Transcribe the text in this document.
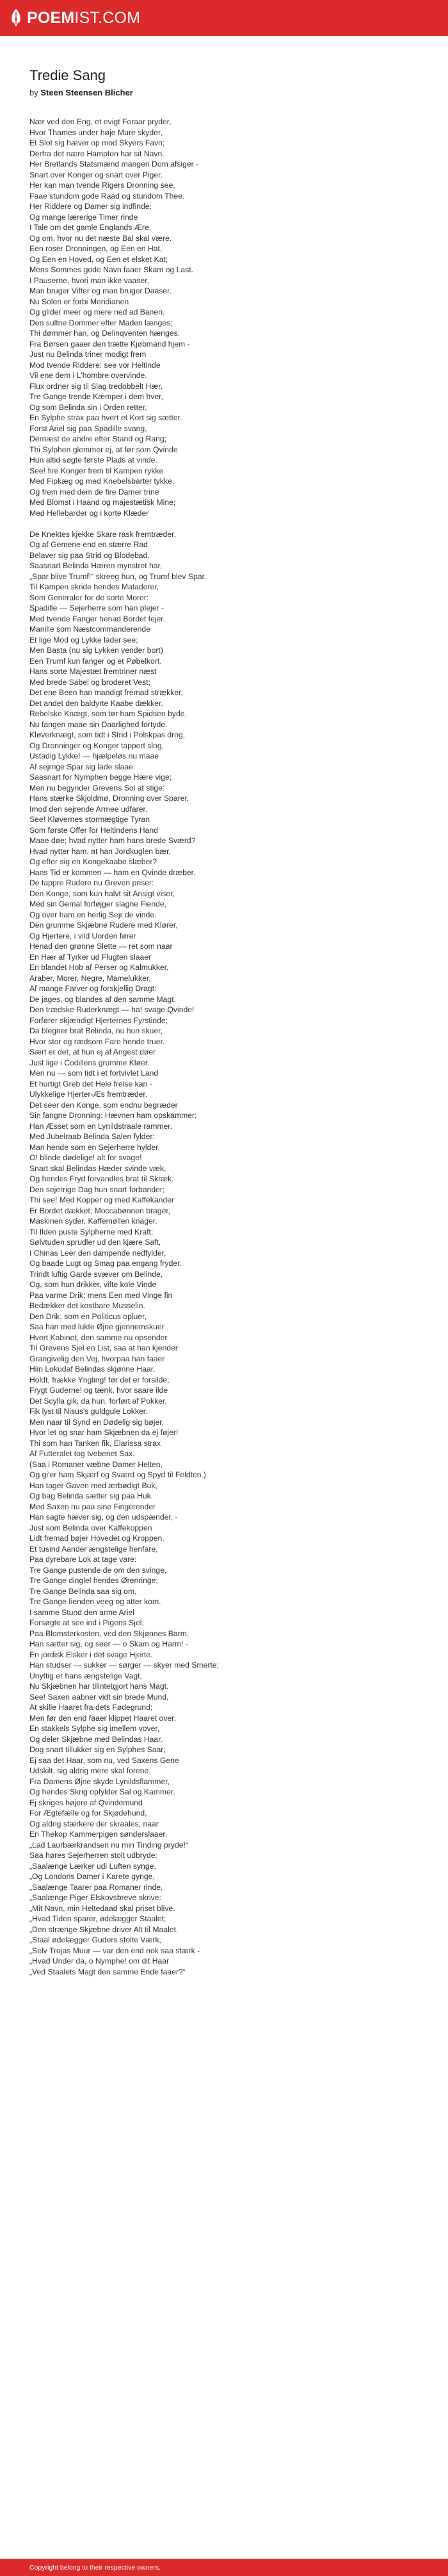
POEMIST.COM
Tredie Sang
by Steen Steensen Blicher
Nær ved den Eng, et evigt Foraar pryder,
Hvor Thames under høje Mure skyder,
Et Slot sig hæver op mod Skyers Favn;
Derfra det nære Hampton har sit Navn.
Her Bretlands Statsmænd mangen Dom afsiger -
Snart over Konger og snart over Piger.
Her kan man tvende Rigers Dronning see,
Faae stundom gode Raad og stundom Thee.
Her Riddere og Damer sig indfinde;
Og mange lærerige Timer rinde
I Tale om det gamle Englands Ære,
Og om, hvor nu det næste Bal skal være.
Een roser Dronningen, og Een en Hat,
Og Een en Hoved, og Een et elsket Kat;
Mens Sommes gode Navn faaer Skam og Last.
I Pauserne, hvori man ikke vaaser,
Man bruger Vifter og man bruger Daaser.
Nu Solen er forbi Meridianen
Og glider meer og mere ned ad Banen.
Den sultne Dommer efter Maden længes;
Thi dømmer han, og Delinqventen hænges.
Fra Børsen gaaer den trætte Kjøbmand hjem -
Just nu Belinda triner modigt frem
Mod tvende Riddere: see vor Heltinde
Vil ene dem i L'hombre overvinde.
Flux ordner sig til Slag tredobbelt Hær,
Tre Gange trende Kæmper i dem hver,
Og som Belinda sin i Orden retter,
En Sylphe strax paa hvert et Kort sig sætter.
Forst Ariel sig paa Spadille svang,
Dernæst de andre efter Stand og Rang;
Thi Sylphen glemmer ej, at før som Qvinde
Hun altid søgte første Plads at vinde.
See! fire Konger frem til Kampen rykke
Med Fipkæg og med Knebelsbarter tykke.
Og frem med dem de fire Damer trine
Med Blomst i Haand og majestætisk Mine;
Med Hellebarder og i korte Klæder
De Knektes kjekke Skare rask fremtræder,
Og af Gemene end en stærre Rad
Belaver sig paa Strid og Blodebad.
Saasnart Belinda Hæren mynstret har,
„Spar blive Trumf!“ skreeg hun, og Trumf blev Spar.
Til Kampen skride hendes Matadorer,
Som Generaler for de sorte Morer:
Spadille — Sejerherre som han plejer -
Med tvende Fanger henad Bordet fejer.
Manille som Næstcommanderende
Et lige Mod og Lykke lader see;
Men Basta (nu sig Lykken vender bort)
Een Trumf kun fanger og et Pøbelkort.
Hans sorte Majestæt fremtriner næst
Med brede Sabel og broderet Vest;
Det ene Been han mandigt fremad strækker,
Det andet den baldyrte Kaabe dækker.
Rebelske Knægt, som tør ham Spidsen byde,
Nu fangen maae sin Daarlighed fortyde.
Kløverknægt, som tidt i Strid i Polskpas drog,
Og Dronninger og Konger tappert slog,
Ustadig Lykke! — hjælpeløs nu maae
Af sejrrige Spar sig lade slaae.
Saasnart for Nymphen begge Hære vige;
Men nu begynder Grevens Sol at stige:
Hans stærke Skjoldmø, Dronning over Sparer,
Imod den sejrende Armee udfarer.
See! Kløvernes stormægtige Tyran
Som første Offer for Heltindens Hand
Maae døe; hvad nytter ham hans brede Sværd?
Hvad nytter ham, at han Jordkuglen bær,
Og efter sig en Kongekaabe slæber?
Hans Tid er kommen — ham en Qvinde dræber.
De tappre Rudere nu Greven priser:
Den Konge, som kun halvt sit Ansigt viser,
Med sin Gemal forføjger slagne Fiende,
Og over ham en herlig Sejr de vinde.
Den grumme Skjæbne Rudere med Klører,
Og Hjertere, i vild Uorden fører
Henad den grønne Slette — ret som naar
En Hær af Tyrker ud Flugten slaaer
En blandet Hob af Perser og Kalmukker,
Araber, Morer, Negre, Mamelukker,
Af mange Farver og forskjellig Dragt:
De jages, og blandes af den samme Magt.
Den trædske Ruderknægt — ha! svage Qvinde!
Forfører skjændigt Hjerternes Fyrstinde;
Da blegner brat Belinda, nu hun skuer,
Hvor stor og rædsom Fare hende truer.
Sært er det, at hun ej af Angest døer
Just lige i Codillens grumme Kløer.
Men nu — som tidt i et fortvivlet Land
Et hurtigt Greb det Hele frelse kan -
Ulykkelige Hjerter-Æs fremtræder.
Det seer den Konge, som endnu begræder
Sin fangne Dronning: Hævnen ham opskammer;
Han Æsset som en Lynildstraale rammer.
Med Jubelraab Belinda Salen fylder:
Man hende som en Sejerherre hylder.
O! blinde dødelige! alt for svage!
Snart skal Belindas Hæder svinde væk,
Og hendes Fryd forvandles brat til Skræk.
Den sejerrige Dag hun snart forbander;
Thi see! Med Kopper og med Kaffekander
Er Bordet dækket; Moccabønnen brager,
Maskinen syder, Kaffemøllen knager.
Til Ilden puste Sylpherne med Kraft;
Sølvtuden sprudler ud den kjære Saft,
I Chinas Leer den dampende nedfylder,
Og baade Lugt og Smag paa engang fryder.
Trindt luftig Garde svæver om Belinde,
Og, som hun drikker, vifte kole Vinde
Paa varme Drik; mens Een med Vinge fin
Bedækker det kostbare Musselin.
Den Drik, som en Politicus opluer,
Saa han med lukte Øjne gjennemskuer
Hvert Kabinet, den samme nu opsender
Til Grevens Sjel en List, saa at han kjender
Grangivelig den Vej, hvorpaa han faaer
Hiin Lokudaf Belindas skjønne Haar.
Holdt, frække Yngling! før det er forsilde;
Frygt Guderne! og tænk, hvor saare ilde
Det Scylla gik, da hun, forført af Pokker,
Fik lyst til Nisus's guldgule Lokker.
Men naar til Synd en Dødelig sig bøjer,
Hvor let og snar ham Skjæbnen da ej føjer!
Thi som han Tanken fik, Elarissa strax
Af Futteralet tog tvebenet Sax.
(Saa i Romaner væbne Damer Helten,
Og gi'er ham Skjærf og Sværd og Spyd til Feldten.)
Han tager Gaven med ærbødigt Buk,
Og bag Belinda sætter sig paa Huk.
Med Saxen nu paa sine Fingerender
Han sagte hæver sig, og den udspænder, -
Just som Belinda over Kaffekoppen
Lidt fremad bøjer Hovedet og Kroppen.
Et tusind Aander ængstelige henfare,
Paa dyrebare Lok at tage vare:
Tre Gange pustende de om den svinge,
Tre Gange dinglel hendes Ørenringe;
Tre Gange Belinda saa sig om,
Tre Gange fienden veeg og atter kom.
I samme Stund den arme Ariel
Forsøgte at see ind i Pigens Sjel;
Paa Blomsterkosten, ved den Skjønnes Barm,
Han sætter sig, og seer — o Skam og Harm! -
En jordisk Elsker i det svage Hjerte.
Han studser — sukker — sørger — skyer med Smerte;
Unyttig er hans ængstelige Vagt,
Nu Skjæbnen har tilintetgjort hans Magt.
See! Saxen aabner vidt sin brede Mund,
At skille Haaret fra dets Fødegrund;
Men før den end faaer klippet Haaret over,
En stakkels Sylphe sig imellem vover,
Og deler Skjæbne med Belindas Haar.
Dog snart tillukker sig en Sylphes Saar;
Ej saa det Haar, som nu, ved Saxens Gene
Udskilt, sig aldrig mere skal forene.
Fra Damens Øjne skyde Lynildsflammer,
Og hendes Skrig opfylder Sal og Kammer.
Ej skriges højere af Qvindemund
For Ægtefælle og for Skjødehund,
Og aldrig stærkere der skraales, naar
En Thekop Kammerpigen sønderslaaer.
„Lad Laurbærkrandsen nu min Tinding pryde!“
Saa høres Sejerherren stolt udbryde:
„Saalænge Lærker udi Luften synge,
„Og Londons Damer i Karete gynge,
„Saalænge Taarer paa Romaner rinde,
„Saalænge Piger Elskovsbreve skrive:
„Mit Navn, min Heltedaad skal priset blive.
„Hvad Tiden sparer, ødelægger Staalet;
„Den strænge Skjæbne driver Alt til Maalet.
„Staal ødelægger Guders stolte Værk,
„Selv Trojas Muur — var den end nok saa stærk -
„Hvad Under da, o Nymphe! om dit Haar
„Ved Staalets Magt den samme Ende faaer?“
Copyright belong to their respective owners.
